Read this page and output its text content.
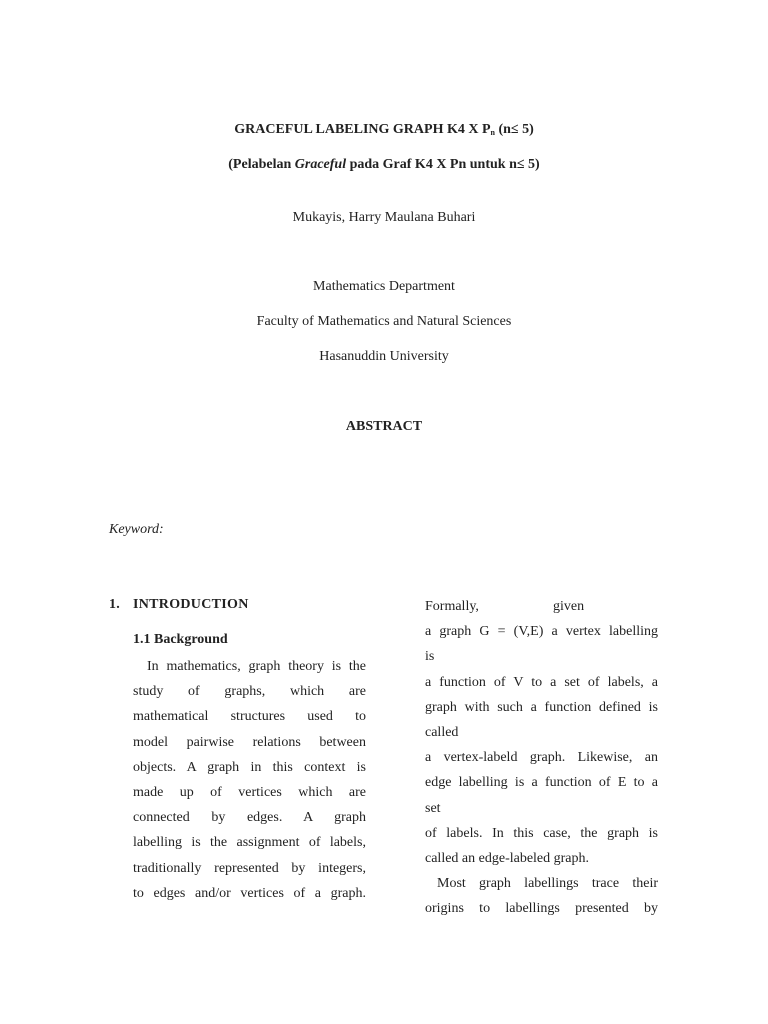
GRACEFUL LABELING GRAPH K4 X Pn (n≤ 5)
(Pelabelan Graceful pada Graf K4 X Pn untuk n≤ 5)
Mukayis, Harry Maulana Buhari
Mathematics Department
Faculty of Mathematics and Natural Sciences
Hasanuddin University
ABSTRACT
Keyword:
1. INTRODUCTION
1.1 Background
In mathematics, graph theory is the
study of graphs, which are
mathematical structures used to
model pairwise relations between
objects. A graph in this context is
made up of vertices which are
connected by edges. A graph
labelling is the assignment of labels,
traditionally represented by integers,
to edges and/or vertices of a graph.
Formally,	given
a graph G = (V,E) a vertex labelling
is
a function of V to a set of labels, a
graph with such a function defined is
called
a vertex-labeld graph. Likewise, an
edge labelling is a function of E to a
set
of labels. In this case, the graph is
called an edge-labeled graph.
Most graph labellings trace their
origins to labellings presented by
